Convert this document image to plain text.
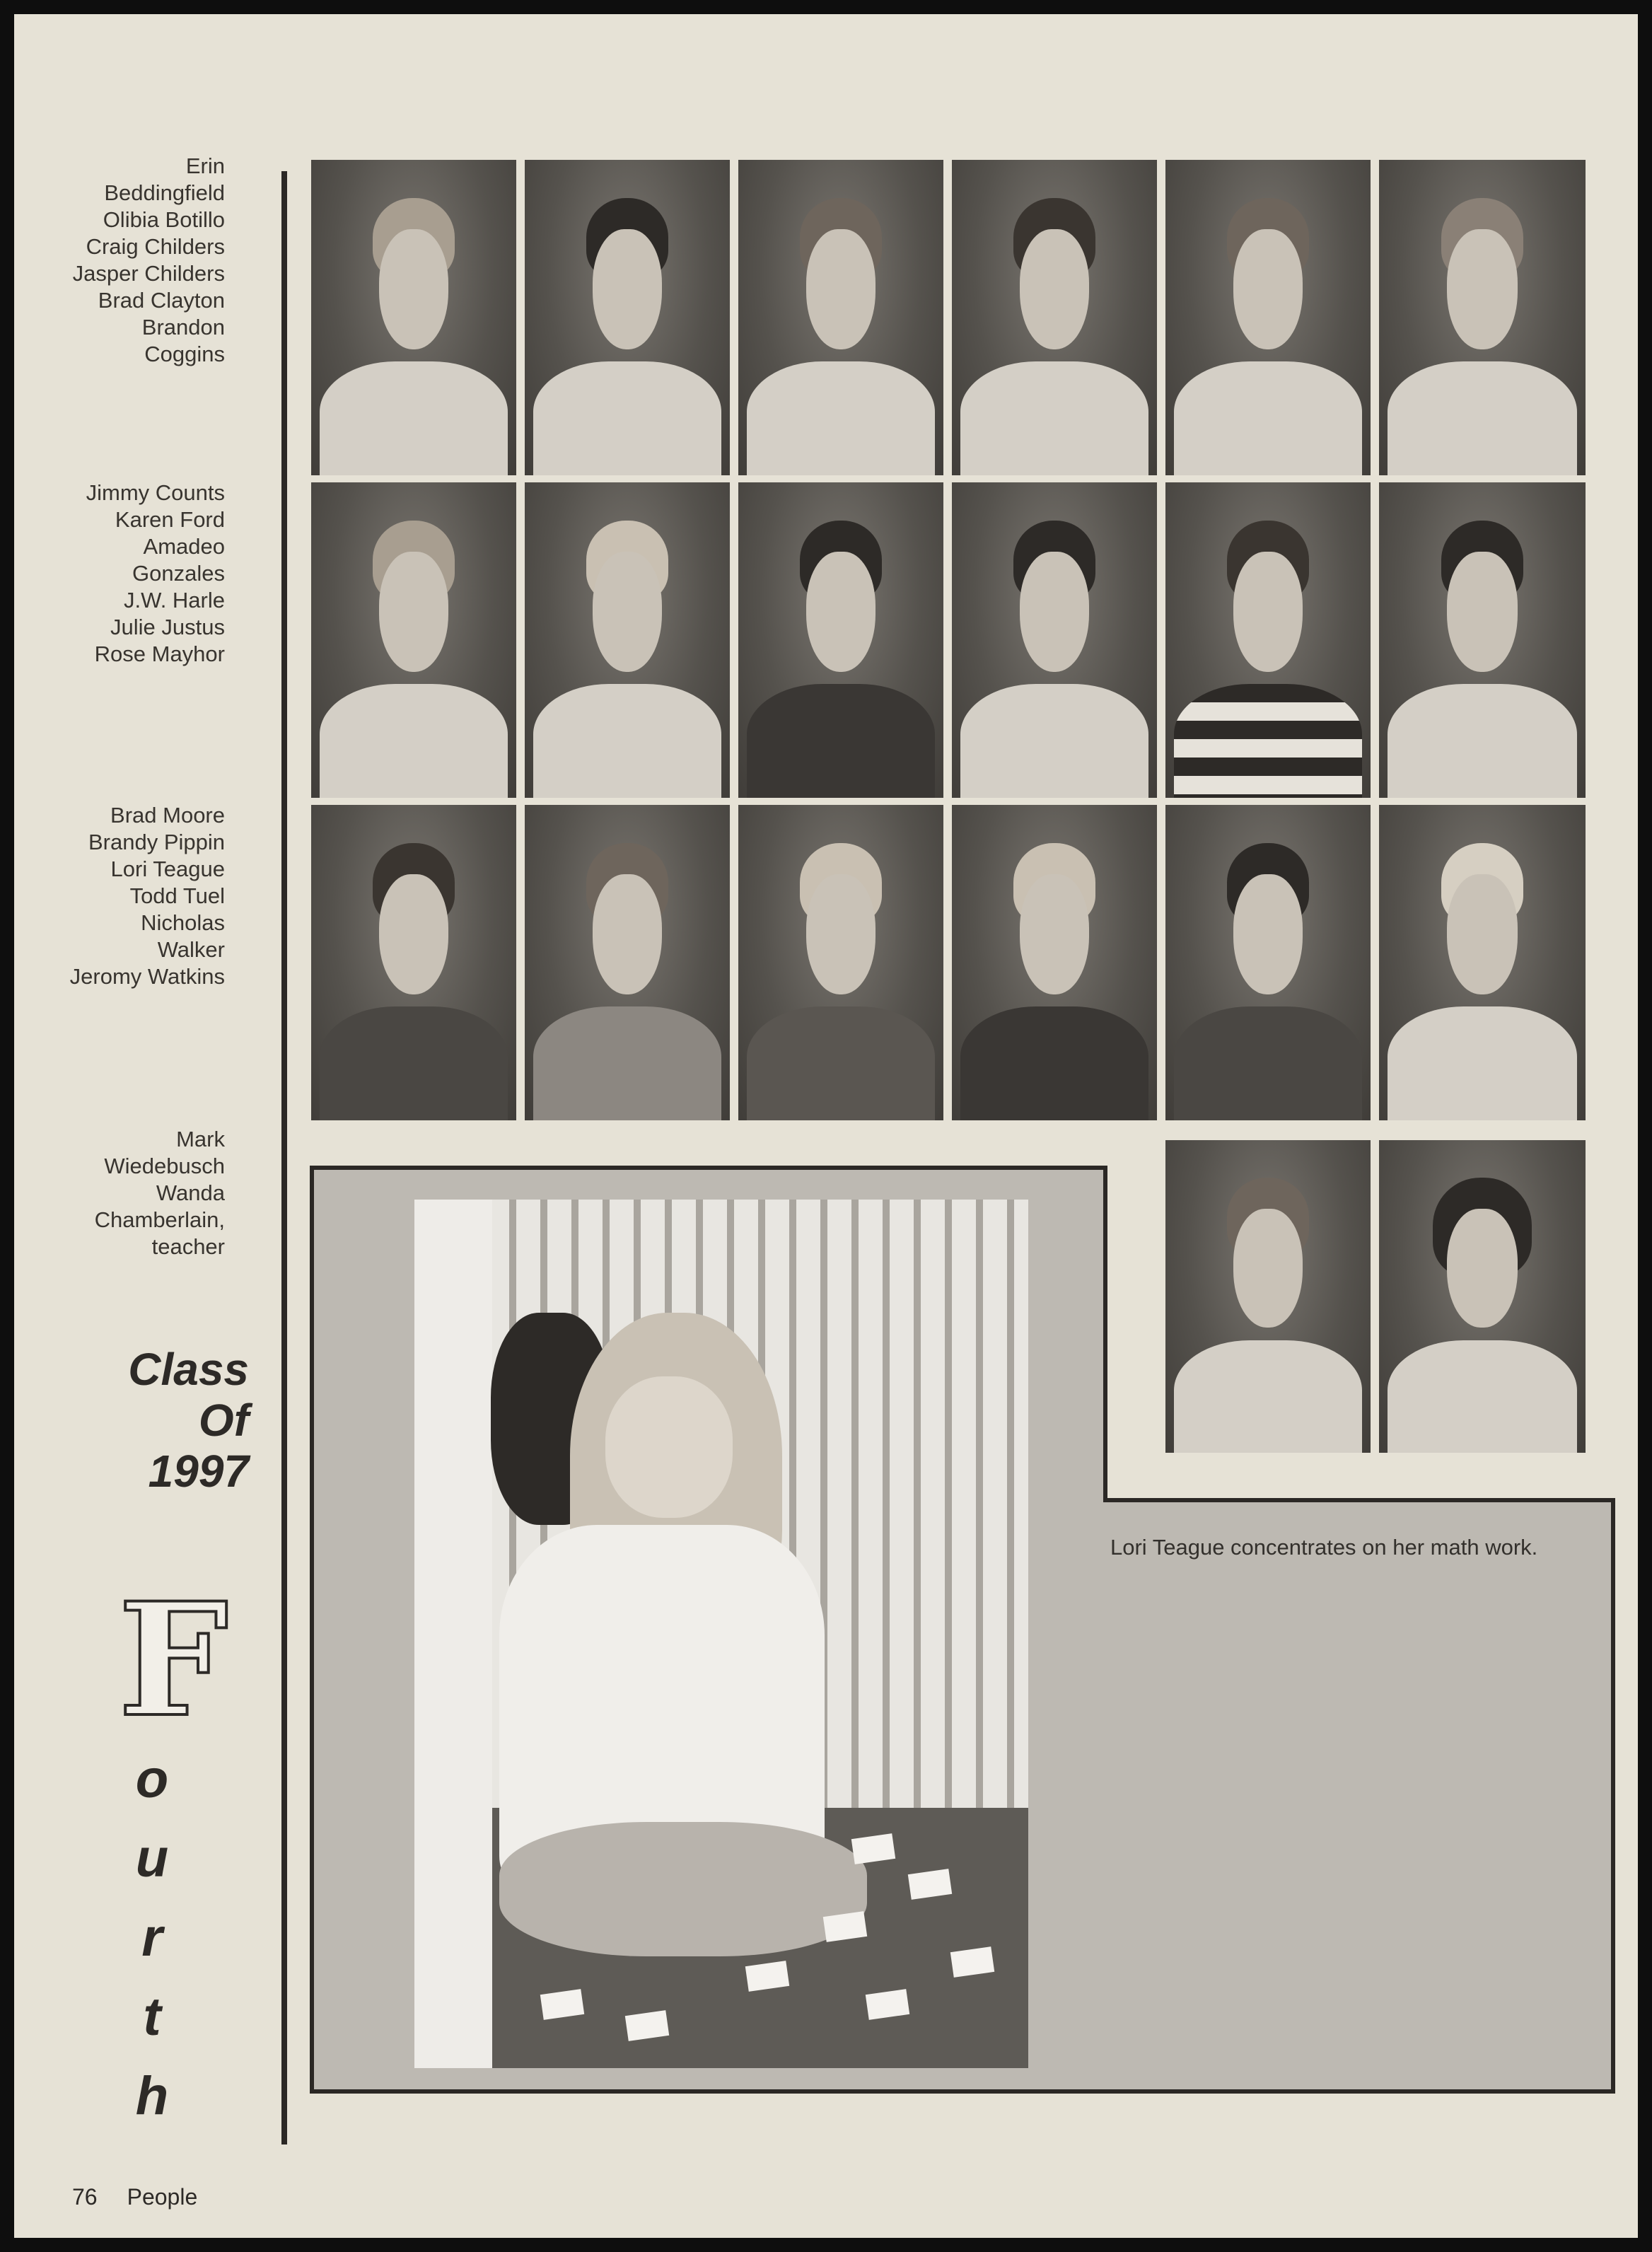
Erin
Beddingfield
Olibia Botillo
Craig Childers
Jasper Childers
Brad Clayton
Brandon
Coggins
Jimmy Counts
Karen Ford
Amadeo
Gonzales
J.W. Harle
Julie Justus
Rose Mayhor
Brad Moore
Brandy Pippin
Lori Teague
Todd Tuel
Nicholas
Walker
Jeromy Watkins
Mark
Wiedebusch
Wanda
Chamberlain,
teacher
Lori Teague concentrates on her math work.
Class
Of
1997
F
o
u
r
t
h
76 People
